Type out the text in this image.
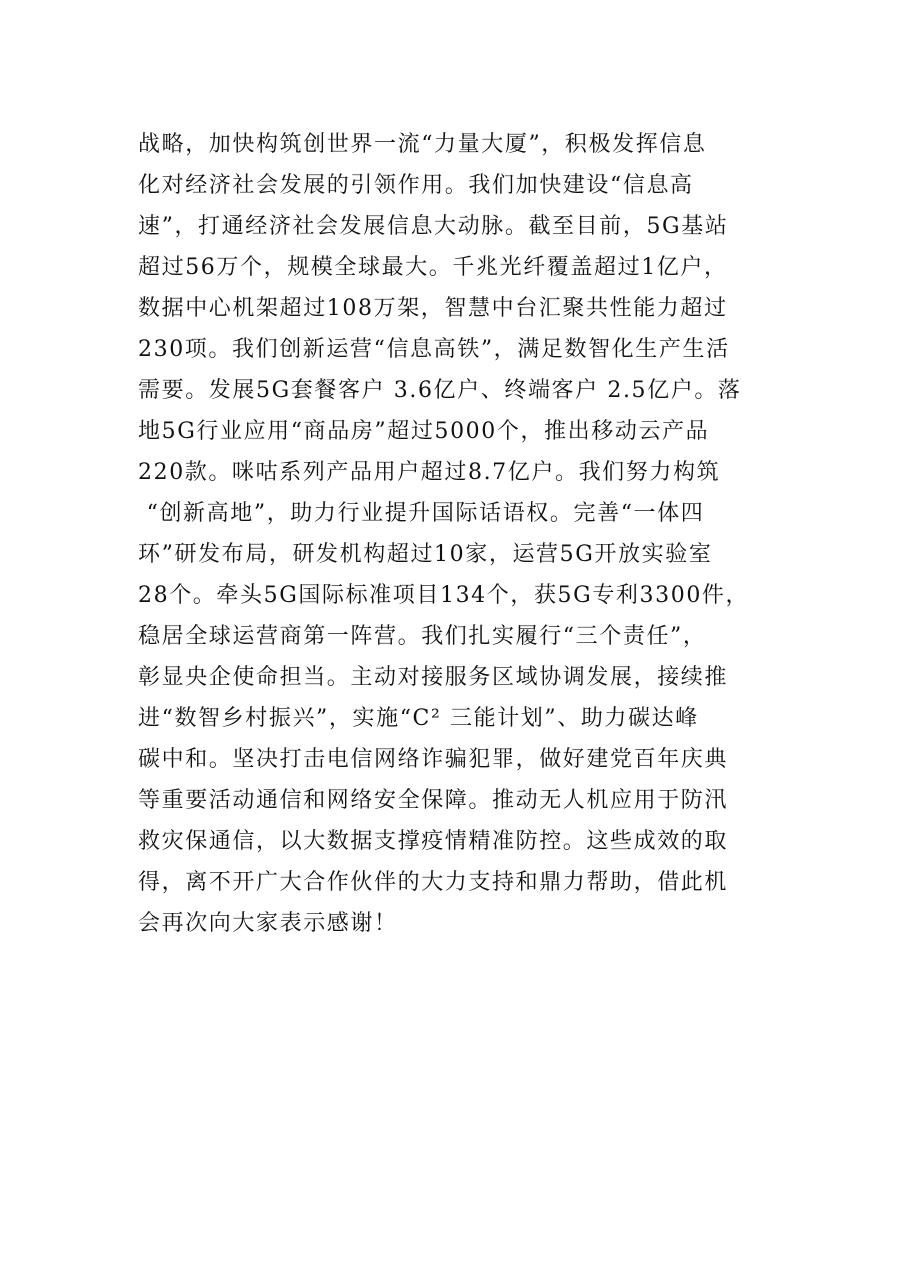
战略，加快构筑创世界一流“力量大厦”，积极发挥信息
化对经济社会发展的引领作用。我们加快建设“信息高
速”，打通经济社会发展信息大动脉。截至目前，5G基站
超过56万个，规模全球最大。千兆光纤覆盖超过1亿户，
数据中心机架超过108万架，智慧中台汇聚共性能力超过
230项。我们创新运营“信息高铁”，满足数智化生产生活
需要。发展5G套餐客户 3.6亿户、终端客户 2.5亿户。落
地5G行业应用“商品房”超过5000个，推出移动云产品
220款。咪咕系列产品用户超过8.7亿户。我们努力构筑
“创新高地”，助力行业提升国际话语权。完善“一体四
环”研发布局，研发机构超过10家，运营5G开放实验室
28个。牵头5G国际标准项目134个，获5G专利3300件，
稳居全球运营商第一阵营。我们扎实履行“三个责任”，
彰显央企使命担当。主动对接服务区域协调发展，接续推
进“数智乡村振兴”，实施“C² 三能计划”、助力碳达峰
碳中和。坚决打击电信网络诈骗犯罪，做好建党百年庆典
等重要活动通信和网络安全保障。推动无人机应用于防汛
救灾保通信，以大数据支撑疫情精准防控。这些成效的取
得，离不开广大合作伙伴的大力支持和鼎力帮助，借此机
会再次向大家表示感谢！
